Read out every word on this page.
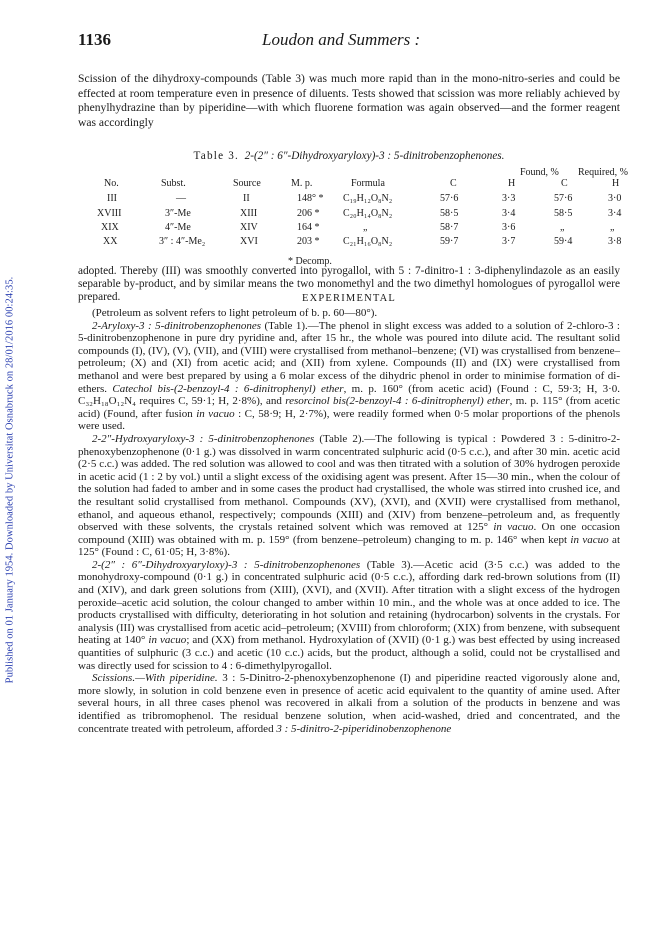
Published on 01 January 1954. Downloaded by Universitat Osnabruck on 28/01/2016 00:24:35.
1136	Loudon and Summers :

Scission of the dihydroxy-compounds (Table 3) was much more rapid than in the mono-nitro-series and could be effected at room temperature even in presence of diluents. Tests showed that scission was more reliably achieved by phenylhydrazine than by piperidine—with which fluorene formation was again observed—and the former reagent was accordingly

Table 3. 2-(2″ : 6″-Dihydroxyaryloxy)-3 : 5-dinitrobenzophenones.
Found, % Required, %
No.	Subst.	Source	M. p.	Formula	C	H	C	H
III	—	II	148° * C₁₉H₁₂O₈N₂	57·6	3·3	57·6	3·0
XVIII	3″-Me	XIII	206 * C₂₀H₁₄O₈N₂	58·5	3·4	58·5	3·4
XIX	4″-Me	XIV	164 *	„	58·7	3·6	„	„
XX	3″ : 4″-Me₂	XVI	203 * C₂₁H₁₆O₈N₂	59·7	3·7	59·4	3·8
* Decomp.

adopted. Thereby (III) was smoothly converted into pyrogallol, with 5 : 7-dinitro-1 : 3-diphenylindazole as an easily separable by-product, and by similar means the two monomethyl and the two dimethyl homologues of pyrogallol were prepared.	EXPERIMENTAL

(Petroleum as solvent refers to light petroleum of b. p. 60—80°).

2-Aryloxy-3 : 5-dinitrobenzophenones (Table 1).—The phenol in slight excess was added to a solution of 2-chloro-3 : 5-dinitrobenzophenone in pure dry pyridine and, after 15 hr., the whole was poured into dilute acid. The resultant solid compounds (I), (IV), (V), (VII), and (VIII) were crystallised from methanol–benzene; (VI) was crystallised from benzene–petroleum; (X) and (XI) from acetic acid; and (XII) from xylene. Compounds (II) and (IX) were crystallised from methanol and were best prepared by using a 6 molar excess of the dihydric phenol in order to minimise formation of di-ethers. Catechol bis-(2-benzoyl-4 : 6-dinitrophenyl) ether, m. p. 160° (from acetic acid) (Found : C, 59·3; H, 3·0. C₃₂H₁₈O₁₂N₄ requires C, 59·1; H, 2·8%), and resorcinol bis(2-benzoyl-4 : 6-dinitrophenyl) ether, m. p. 115° (from acetic acid) (Found, after fusion in vacuo : C, 58·9; H, 2·7%), were readily formed when 0·5 molar proportions of the phenols were used.

2-2″-Hydroxyaryloxy-3 : 5-dinitrobenzophenones (Table 2).—The following is typical : Powdered 3 : 5-dinitro-2-phenoxybenzophenone (0·1 g.) was dissolved in warm concentrated sulphuric acid (0·5 c.c.), and after 30 min. acetic acid (2·5 c.c.) was added. The red solution was allowed to cool and was then titrated with a solution of 30% hydrogen peroxide in acetic acid (1 : 2 by vol.) until a slight excess of the oxidising agent was present. After 15—30 min., when the colour of the solution had faded to amber and in some cases the product had crystallised, the whole was stirred into crushed ice, and the resultant solid crystallised from methanol. Compounds (XV), (XVI), and (XVII) were crystallised from methanol, ethanol, and aqueous ethanol, respectively; compounds (XIII) and (XIV) from benzene–petroleum and, as frequently observed with these solvents, the crystals retained solvent which was removed at 125° in vacuo. On one occasion compound (XIII) was obtained with m. p. 159° (from benzene–petroleum) changing to m. p. 146° when kept in vacuo at 125° (Found : C, 61·05; H, 3·8%).

2-(2″ : 6″-Dihydroxyaryloxy)-3 : 5-dinitrobenzophenones (Table 3).—Acetic acid (3·5 c.c.) was added to the monohydroxy-compound (0·1 g.) in concentrated sulphuric acid (0·5 c.c.), affording dark red-brown solutions from (II) and (XIV), and dark green solutions from (XIII), (XVI), and (XVII). After titration with a slight excess of the hydrogen peroxide–acetic acid solution, the colour changed to amber within 10 min., and the whole was at once added to ice. The products crystallised with difficulty, deteriorating in hot solution and retaining (hydrocarbon) solvents in the crystals. For analysis (III) was crystallised from acetic acid–petroleum; (XVIII) from chloroform; (XIX) from benzene, with subsequent heating at 140° in vacuo; and (XX) from methanol. Hydroxylation of (XVII) (0·1 g.) was best effected by using increased quantities of sulphuric (3 c.c.) and acetic (10 c.c.) acids, but the product, although a solid, could not be crystallised and was directly used for scission to 4 : 6-dimethylpyrogallol.

Scissions.—With piperidine. 3 : 5-Dinitro-2-phenoxybenzophenone (I) and piperidine reacted vigorously alone and, more slowly, in solution in cold benzene even in presence of acetic acid equivalent to the quantity of amine used. After several hours, in all three cases phenol was recovered in alkali from a solution of the products in benzene and was identified as tribromophenol. The residual benzene solution, when acid-washed, dried and concentrated, and the concentrate treated with petroleum, afforded 3 : 5-dinitro-2-piperidinobenzophenone
